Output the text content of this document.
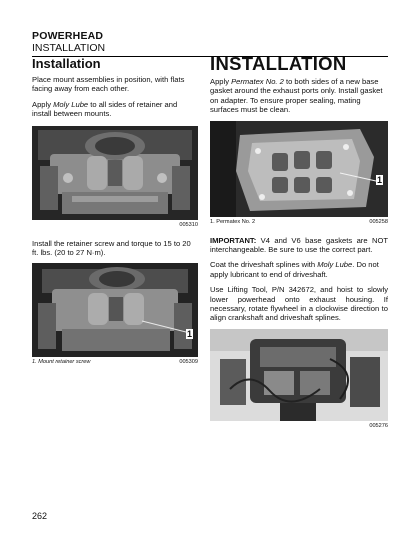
POWERHEAD
INSTALLATION
Installation

Place mount assemblies in position, with flats facing away from each other.

Apply Moly Lube to all sides of retainer and install between mounts.

005310

Install the retainer screw and torque to 15 to 20 ft. lbs. (20 to 27 N·m).

1
1. Mount retainer screw	005309
INSTALLATION

Apply Permatex No. 2 to both sides of a new base gasket around the exhaust ports only. Install gasket on adapter. To ensure proper sealing, mating surfaces must be clean.

1
1. Permatex No. 2	005258

IMPORTANT: V4 and V6 base gaskets are NOT interchangeable. Be sure to use the correct part.

Coat the driveshaft splines with Moly Lube. Do not apply lubricant to end of driveshaft.

Use Lifting Tool, P/N 342672, and hoist to slowly lower powerhead onto exhaust housing. If necessary, rotate flywheel in a clockwise direction to align crankshaft and driveshaft splines.

005276
262
